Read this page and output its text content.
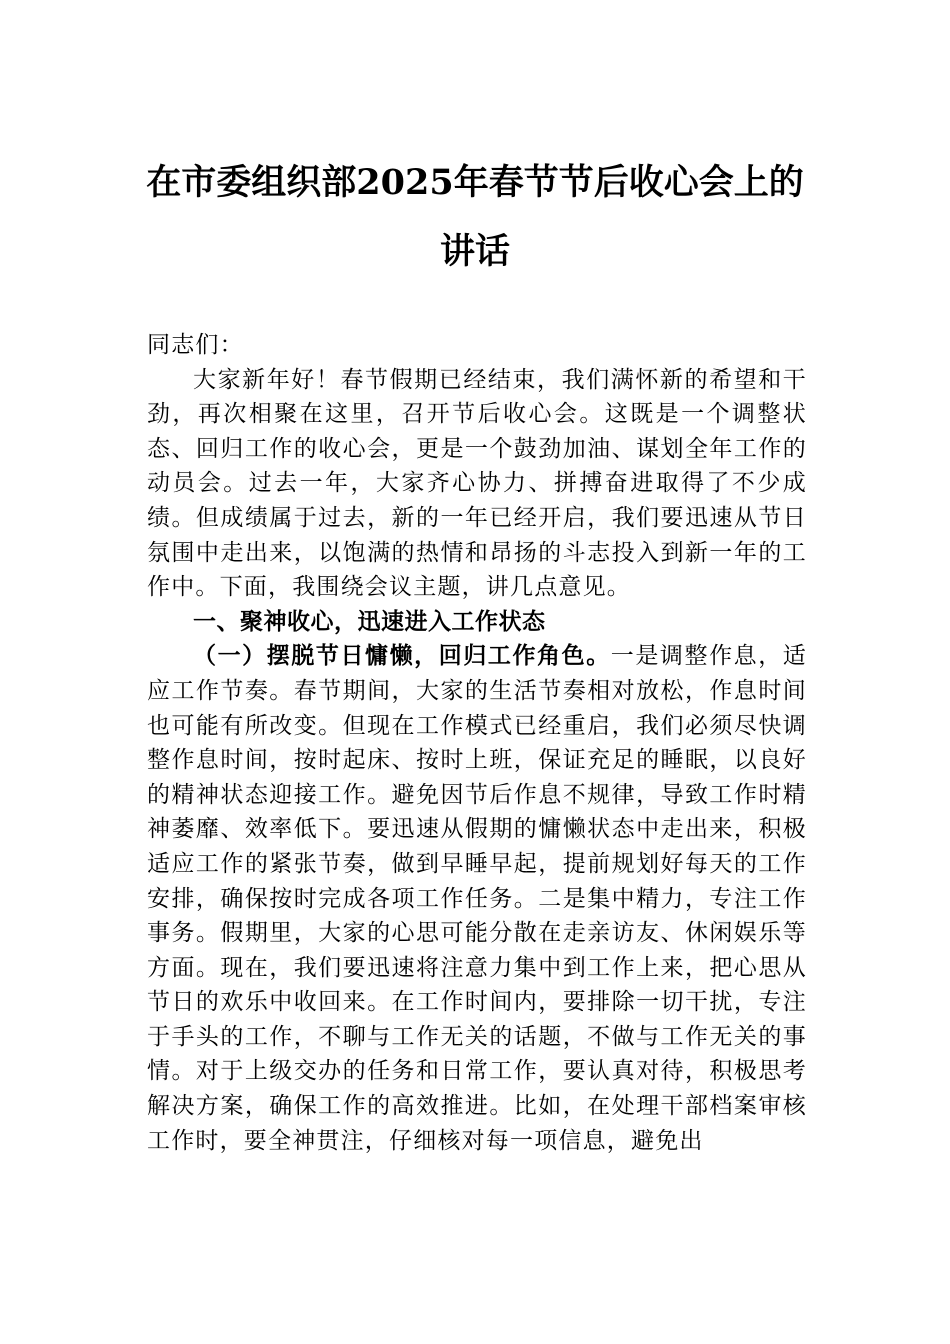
在市委组织部2025年春节节后收心会上的
讲话

同志们：

大家新年好！春节假期已经结束，我们满怀新的希望和干劲，再次相聚在这里，召开节后收心会。这既是一个调整状态、回归工作的收心会，更是一个鼓劲加油、谋划全年工作的动员会。过去一年，大家齐心协力、拼搏奋进取得了不少成绩。但成绩属于过去，新的一年已经开启，我们要迅速从节日氛围中走出来，以饱满的热情和昂扬的斗志投入到新一年的工作中。下面，我围绕会议主题，讲几点意见。

一、聚神收心，迅速进入工作状态

（一）摆脱节日慵懒，回归工作角色。一是调整作息，适应工作节奏。春节期间，大家的生活节奏相对放松，作息时间也可能有所改变。但现在工作模式已经重启，我们必须尽快调整作息时间，按时起床、按时上班，保证充足的睡眠，以良好的精神状态迎接工作。避免因节后作息不规律，导致工作时精神萎靡、效率低下。要迅速从假期的慵懒状态中走出来，积极适应工作的紧张节奏，做到早睡早起，提前规划好每天的工作安排，确保按时完成各项工作任务。二是集中精力，专注工作事务。假期里，大家的心思可能分散在走亲访友、休闲娱乐等方面。现在，我们要迅速将注意力集中到工作上来，把心思从节日的欢乐中收回来。在工作时间内，要排除一切干扰，专注于手头的工作，不聊与工作无关的话题，不做与工作无关的事情。对于上级交办的任务和日常工作，要认真对待，积极思考解决方案，确保工作的高效推进。比如，在处理干部档案审核工作时，要全神贯注，仔细核对每一项信息，避免出
